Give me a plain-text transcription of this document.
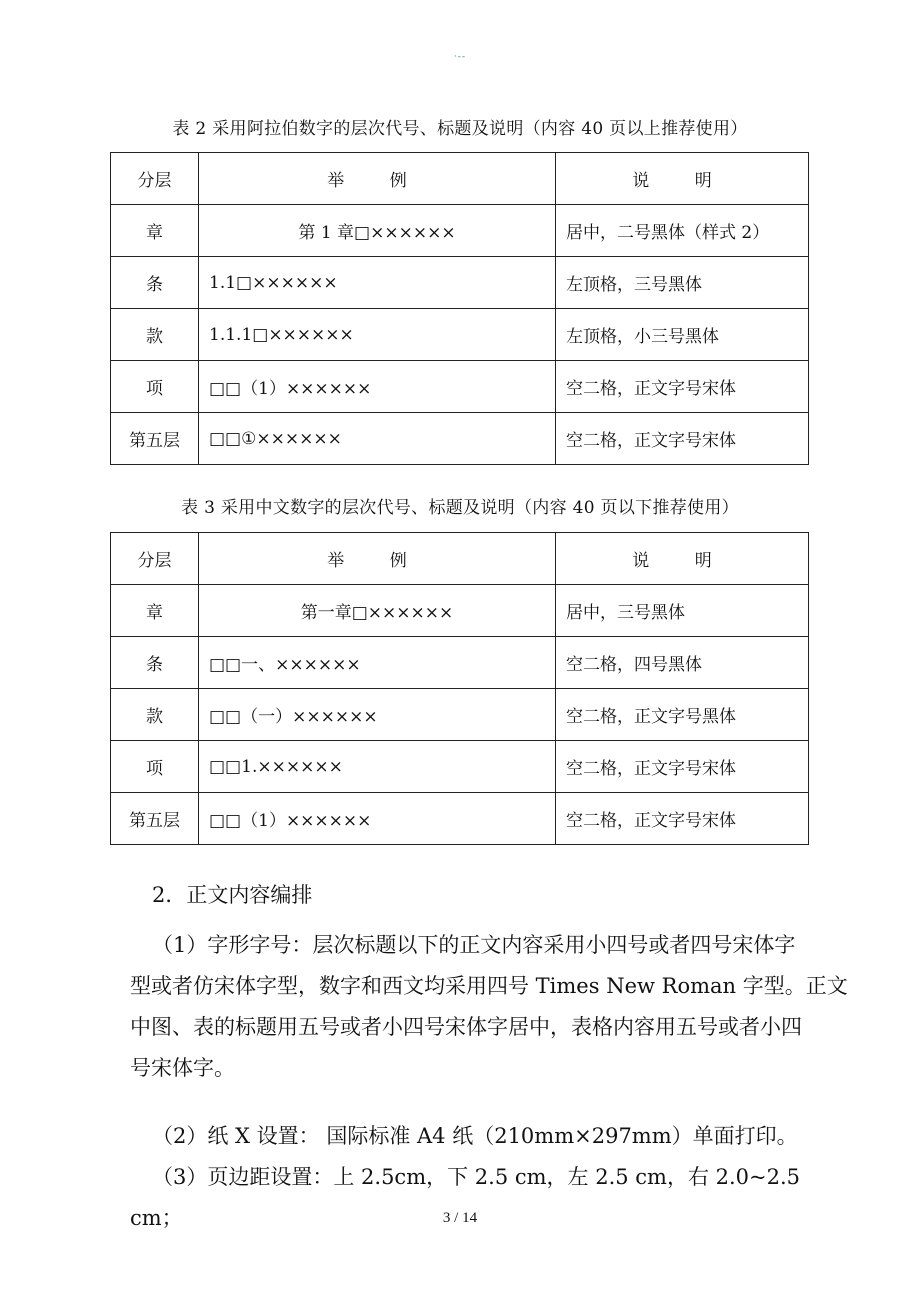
·--
表 2 采用阿拉伯数字的层次代号、标题及说明（内容 40 页以上推荐使用）
分层	举 例	说 明
章	第 1 章□××××××	居中，二号黑体（样式 2）
条	1.1□××××××	左顶格，三号黑体
款	1.1.1□××××××	左顶格，小三号黑体
项	□□（1）××××××	空二格，正文字号宋体
第五层	□□①××××××	空二格，正文字号宋体
表 3 采用中文数字的层次代号、标题及说明（内容 40 页以下推荐使用）
分层	举 例	说 明
章	第一章□××××××	居中，三号黑体
条	□□一、××××××	空二格，四号黑体
款	□□（一）××××××	空二格，正文字号黑体
项	□□1.××××××	空二格，正文字号宋体
第五层	□□（1）××××××	空二格，正文字号宋体
2．正文内容编排
（1）字形字号：层次标题以下的正文内容采用小四号或者四号宋体字
型或者仿宋体字型，数字和西文均采用四号 Times New Roman 字型。正文
中图、表的标题用五号或者小四号宋体字居中，表格内容用五号或者小四
号宋体字。
（2）纸 X 设置： 国际标准 A4 纸（210mm×297mm）单面打印。
（3）页边距设置：上 2.5cm，下 2.5 cm，左 2.5 cm，右 2.0~2.5 cm；	3 / 14
